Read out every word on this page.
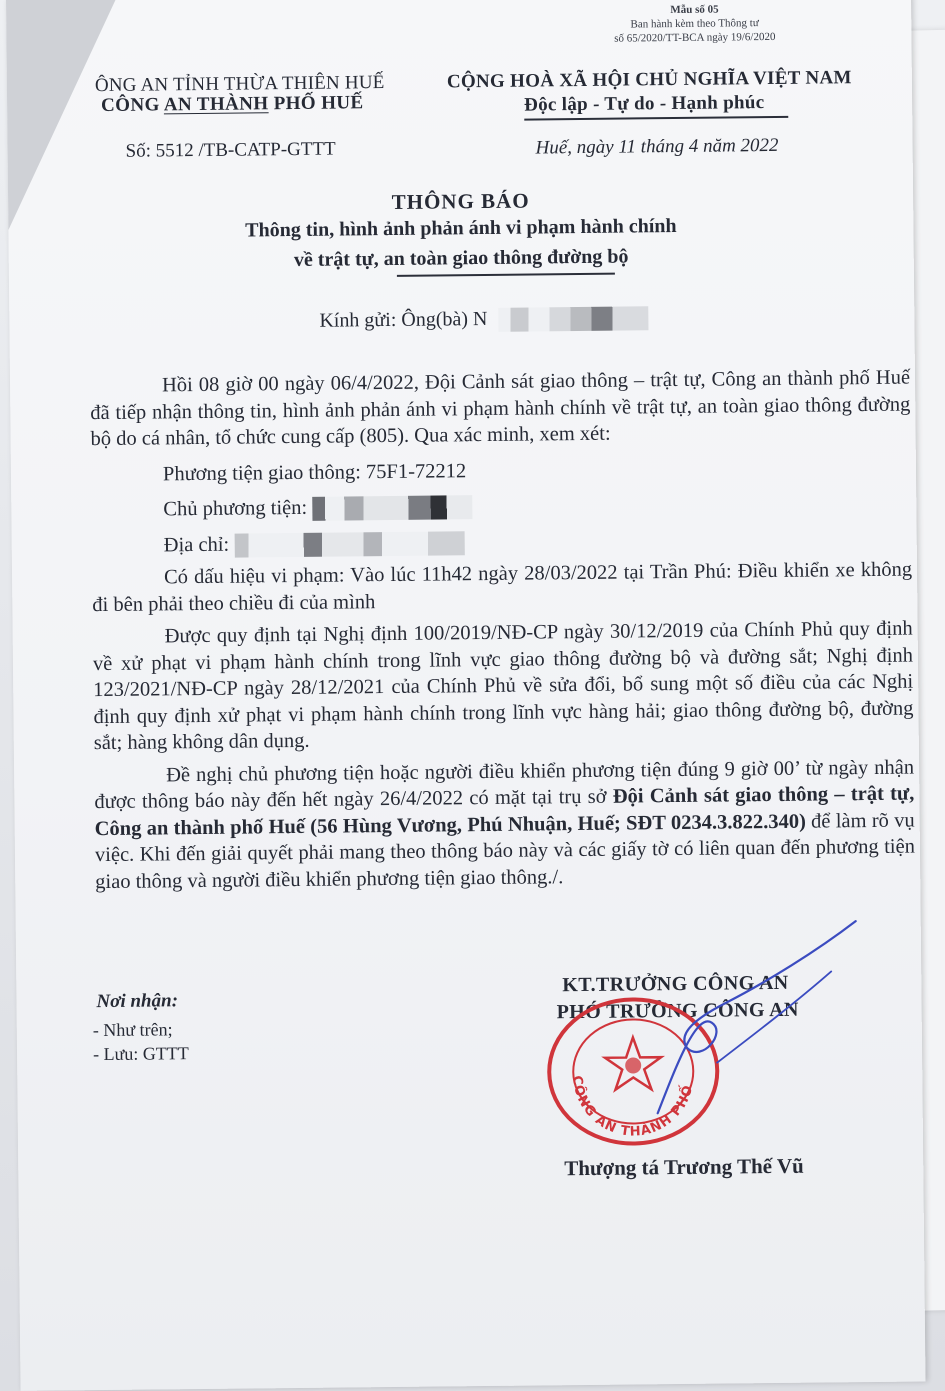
Mẫu số 05
Ban hành kèm theo Thông tư
số 65/2020/TT-BCA ngày 19/6/2020
ÔNG AN TỈNH THỪA THIÊN HUẾ
CÔNG AN THÀNH PHỐ HUẾ
CỘNG HOÀ XÃ HỘI CHỦ NGHĨA VIỆT NAM
Độc lập - Tự do - Hạnh phúc
Số: 5512 /TB-CATP-GTTT	Huế, ngày 11 tháng 4 năm 2022
THÔNG BÁO
Thông tin, hình ảnh phản ánh vi phạm hành chính
về trật tự, an toàn giao thông đường bộ
Kính gửi: Ông(bà) N

Hồi 08 giờ 00 ngày 06/4/2022, Đội Cảnh sát giao thông – trật tự, Công an thành phố Huế đã tiếp nhận thông tin, hình ảnh phản ánh vi phạm hành chính về trật tự, an toàn giao thông đường bộ do cá nhân, tổ chức cung cấp (805). Qua xác minh, xem xét:

Phương tiện giao thông: 75F1-72212
Chủ phương tiện:
Địa chỉ:

Có dấu hiệu vi phạm: Vào lúc 11h42 ngày 28/03/2022 tại Trần Phú: Điều khiển xe không đi bên phải theo chiều đi của mình

Được quy định tại Nghị định 100/2019/NĐ-CP ngày 30/12/2019 của Chính Phủ quy định về xử phạt vi phạm hành chính trong lĩnh vực giao thông đường bộ và đường sắt; Nghị định 123/2021/NĐ-CP ngày 28/12/2021 của Chính Phủ về sửa đổi, bổ sung một số điều của các Nghị định quy định xử phạt vi phạm hành chính trong lĩnh vực hàng hải; giao thông đường bộ, đường sắt; hàng không dân dụng.

Đề nghị chủ phương tiện hoặc người điều khiển phương tiện đúng 9 giờ 00’ từ ngày nhận được thông báo này đến hết ngày 26/4/2022 có mặt tại trụ sở Đội Cảnh sát giao thông – trật tự, Công an thành phố Huế (56 Hùng Vương, Phú Nhuận, Huế; SĐT 0234.3.822.340) để làm rõ vụ việc. Khi đến giải quyết phải mang theo thông báo này và các giấy tờ có liên quan đến phương tiện giao thông và người điều khiển phương tiện giao thông./.

Nơi nhận:
- Như trên;
- Lưu: GTTT
KT.TRƯỞNG CÔNG AN
PHÓ TRƯỞNG CÔNG AN
CÔNG AN THÀNH PHỐ
Thượng tá Trương Thế Vũ
